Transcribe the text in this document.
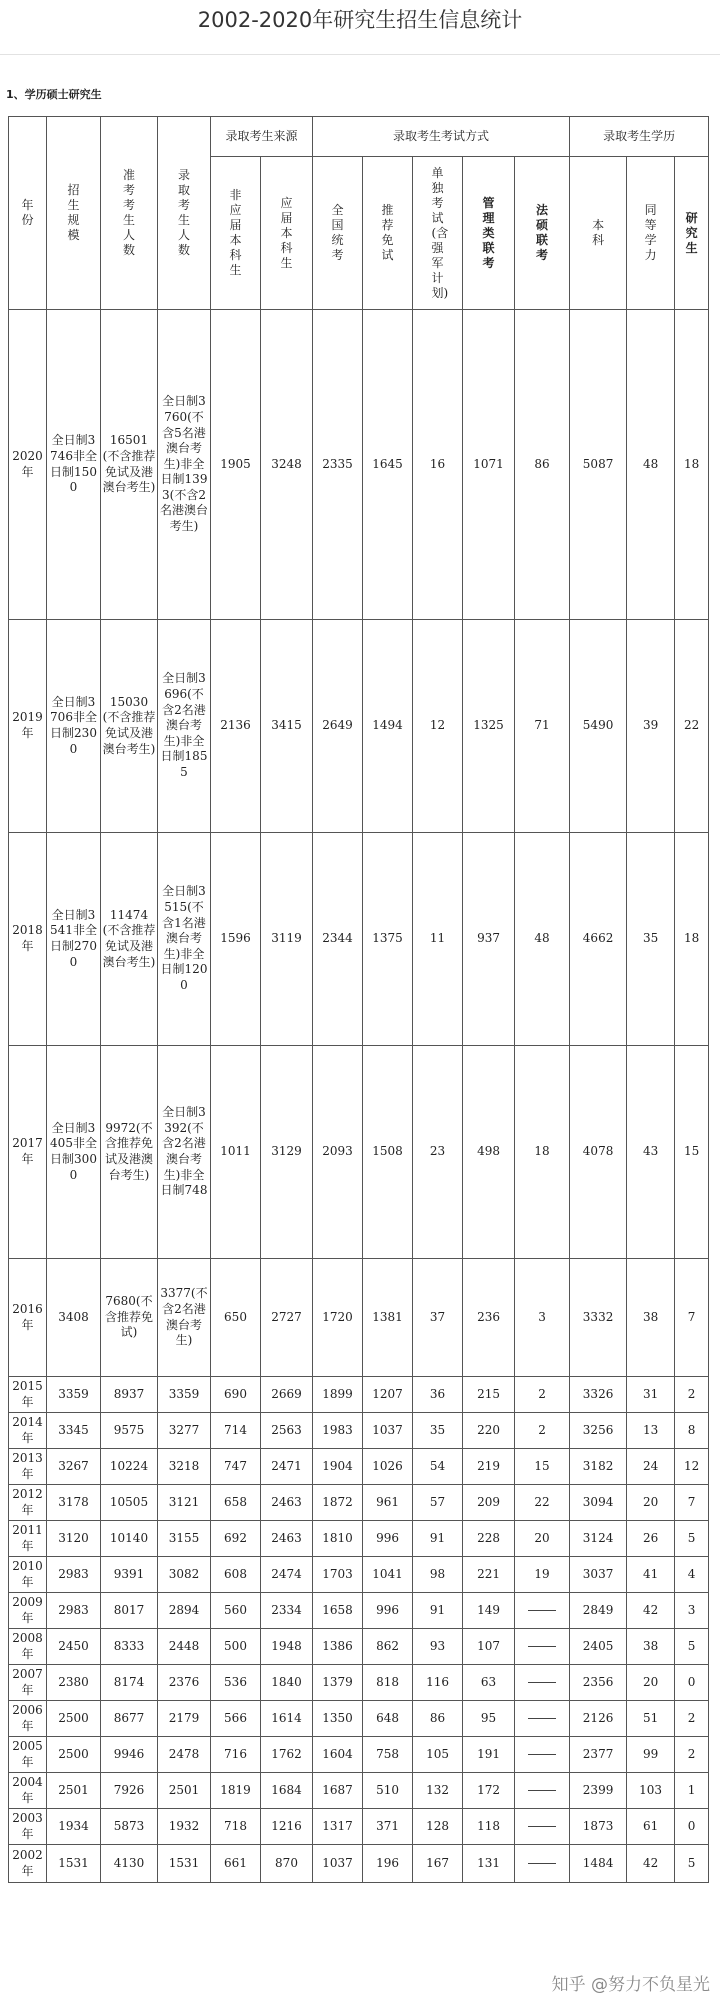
2002-2020年研究生招生信息统计
1、学历硕士研究生
年份	招生规模	准考考生人数	录取考生人数	录取考生来源		录取考生考试方式					录取考生学历		

				非应届本科生	应届本科生	全国统考	推荐免试	单独考试(含强军计划)	管理类联考	法硕联考	本科	同等学力	研究生

2020年	全日制3746非全日制1500	16501(不含推荐免试及港澳台考生)	全日制3760(不含5名港澳台考生)非全日制1393(不含2名港澳台考生)	1905	3248	2335	1645	16	1071	86	5087	48	18
2019年	全日制3706非全日制2300	15030(不含推荐免试及港澳台考生)	全日制3696(不含2名港澳台考生)非全日制1855	2136	3415	2649	1494	12	1325	71	5490	39	22
2018年	全日制3541非全日制2700	11474(不含推荐免试及港澳台考生)	全日制3515(不含1名港澳台考生)非全日制1200	1596	3119	2344	1375	11	937	48	4662	35	18
2017年	全日制3405非全日制3000	9972(不含推荐免试及港澳台考生)	全日制3392(不含2名港澳台考生)非全日制748	1011	3129	2093	1508	23	498	18	4078	43	15
2016年	3408	7680(不含推荐免试)	3377(不含2名港澳台考生)	650	2727	1720	1381	37	236	3	3332	38	7
2015年	3359	8937	3359	690	2669	1899	1207	36	215	2	3326	31	2
2014年	3345	9575	3277	714	2563	1983	1037	35	220	2	3256	13	8
2013年	3267	10224	3218	747	2471	1904	1026	54	219	15	3182	24	12
2012年	3178	10505	3121	658	2463	1872	961	57	209	22	3094	20	7
2011年	3120	10140	3155	692	2463	1810	996	91	228	20	3124	26	5
2010年	2983	9391	3082	608	2474	1703	1041	98	221	19	3037	41	4
2009年	2983	8017	2894	560	2334	1658	996	91	149		2849	42	3
2008年	2450	8333	2448	500	1948	1386	862	93	107		2405	38	5
2007年	2380	8174	2376	536	1840	1379	818	116	63		2356	20	0
2006年	2500	8677	2179	566	1614	1350	648	86	95		2126	51	2
2005年	2500	9946	2478	716	1762	1604	758	105	191		2377	99	2
2004年	2501	7926	2501	1819	1684	1687	510	132	172		2399	103	1
2003年	1934	5873	1932	718	1216	1317	371	128	118		1873	61	0
2002年	1531	4130	1531	661	870	1037	196	167	131		1484	42	5
知乎 @努力不负星光
